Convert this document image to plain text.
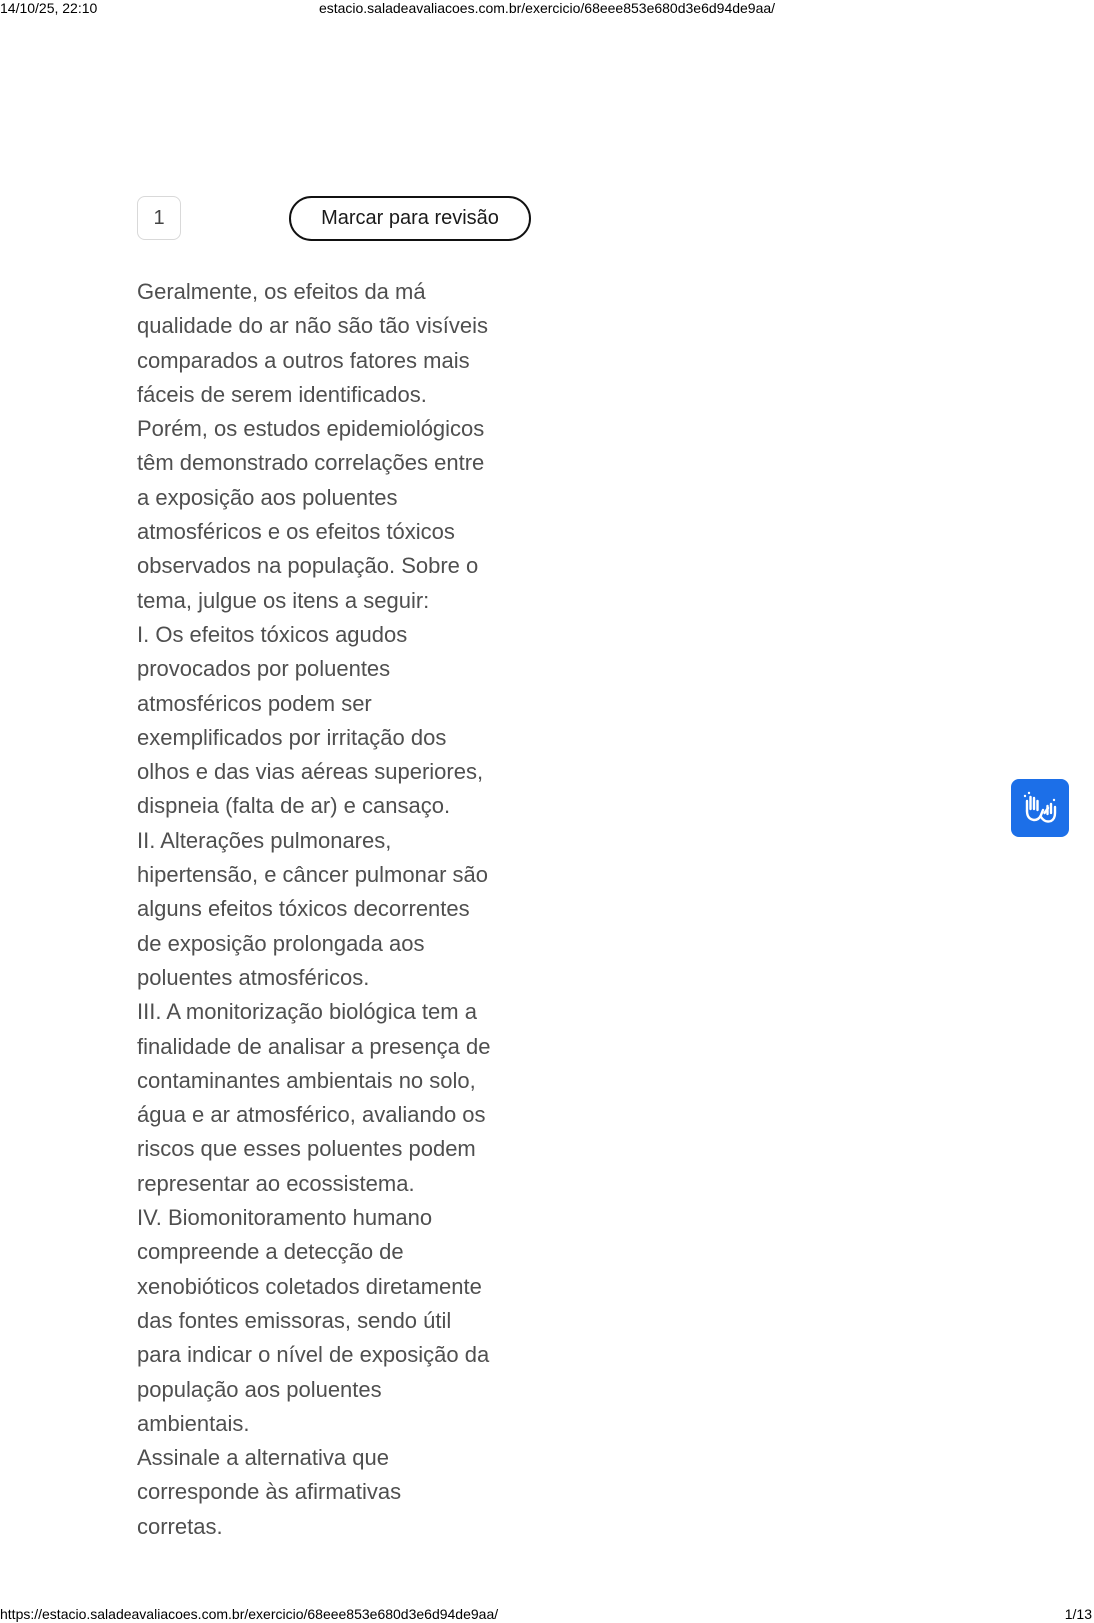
14/10/25, 22:10	estacio.saladeavaliacoes.com.br/exercicio/68eee853e680d3e6d94de9aa/
1	Marcar para revisão

Geralmente, os efeitos da má
qualidade do ar não são tão visíveis
comparados a outros fatores mais
fáceis de serem identificados.
Porém, os estudos epidemiológicos
têm demonstrado correlações entre
a exposição aos poluentes
atmosféricos e os efeitos tóxicos
observados na população. Sobre o
tema, julgue os itens a seguir:
I. Os efeitos tóxicos agudos
provocados por poluentes
atmosféricos podem ser
exemplificados por irritação dos
olhos e das vias aéreas superiores,
dispneia (falta de ar) e cansaço.
II. Alterações pulmonares,
hipertensão, e câncer pulmonar são
alguns efeitos tóxicos decorrentes
de exposição prolongada aos
poluentes atmosféricos.
III. A monitorização biológica tem a
finalidade de analisar a presença de
contaminantes ambientais no solo,
água e ar atmosférico, avaliando os
riscos que esses poluentes podem
representar ao ecossistema.
IV. Biomonitoramento humano
compreende a detecção de
xenobióticos coletados diretamente
das fontes emissoras, sendo útil
para indicar o nível de exposição da
população aos poluentes
ambientais.
Assinale a alternativa que
corresponde às afirmativas
corretas.

https://estacio.saladeavaliacoes.com.br/exercicio/68eee853e680d3e6d94de9aa/	1/13
